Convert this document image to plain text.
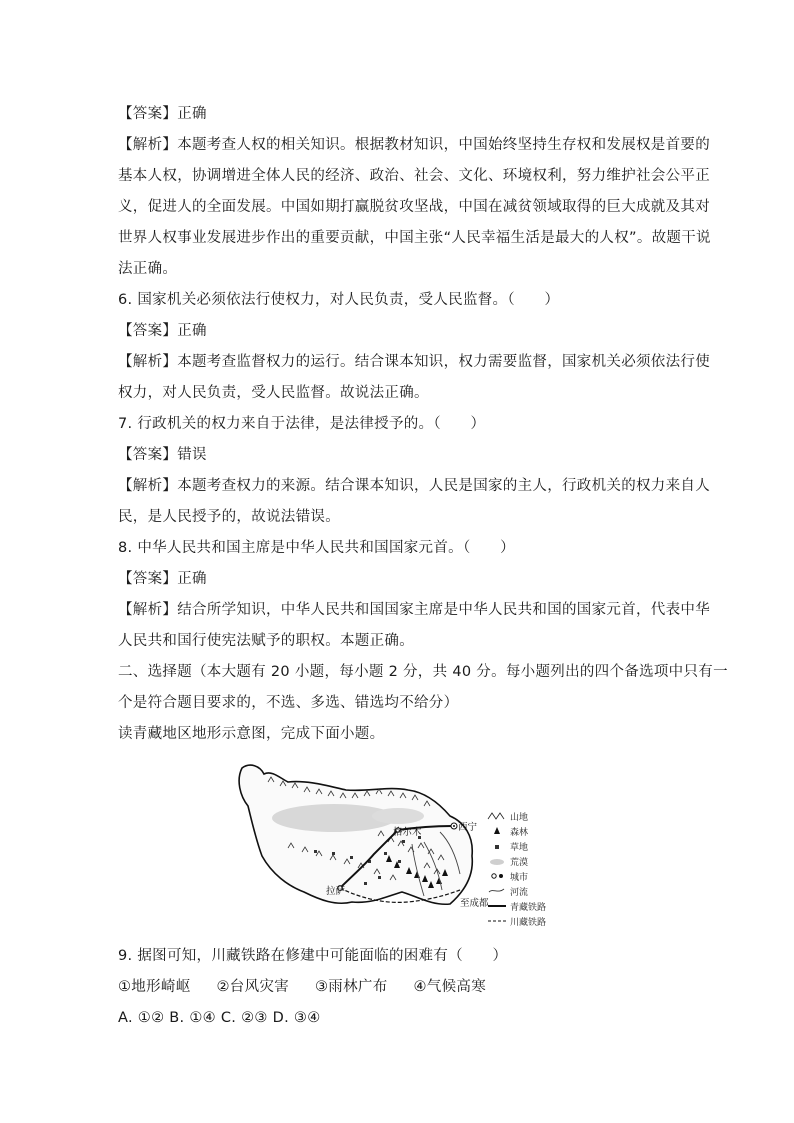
【答案】正确
【解析】本题考查人权的相关知识。根据教材知识，中国始终坚持生存权和发展权是首要的
基本人权，协调增进全体人民的经济、政治、社会、文化、环境权利，努力维护社会公平正
义，促进人的全面发展。中国如期打赢脱贫攻坚战，中国在减贫领域取得的巨大成就及其对
世界人权事业发展进步作出的重要贡献，中国主张“人民幸福生活是最大的人权”。故题干说
法正确。
6. 国家机关必须依法行使权力，对人民负责，受人民监督。（　　）
【答案】正确
【解析】本题考查监督权力的运行。结合课本知识，权力需要监督，国家机关必须依法行使
权力，对人民负责，受人民监督。故说法正确。
7. 行政机关的权力来自于法律，是法律授予的。（　　）
【答案】错误
【解析】本题考查权力的来源。结合课本知识，人民是国家的主人，行政机关的权力来自人
民，是人民授予的，故说法错误。
8. 中华人民共和国主席是中华人民共和国国家元首。（　　）
【答案】正确
【解析】结合所学知识，中华人民共和国国家主席是中华人民共和国的国家元首，代表中华
人民共和国行使宪法赋予的职权。本题正确。
二、选择题（本大题有 20 小题，每小题 2 分，共 40 分。每小题列出的四个备选项中只有一
个是符合题目要求的，不选、多选、错选均不给分）
读青藏地区地形示意图，完成下面小题。
格尔木	西宁
拉萨
至成都
山地
森林
草地
荒漠
城市
河流
青藏铁路
川藏铁路
9. 据图可知，川藏铁路在修建中可能面临的困难有（　　）
①地形崎岖 ②台风灾害 ③雨林广布 ④气候高寒
A. ①② B. ①④ C. ②③ D. ③④
